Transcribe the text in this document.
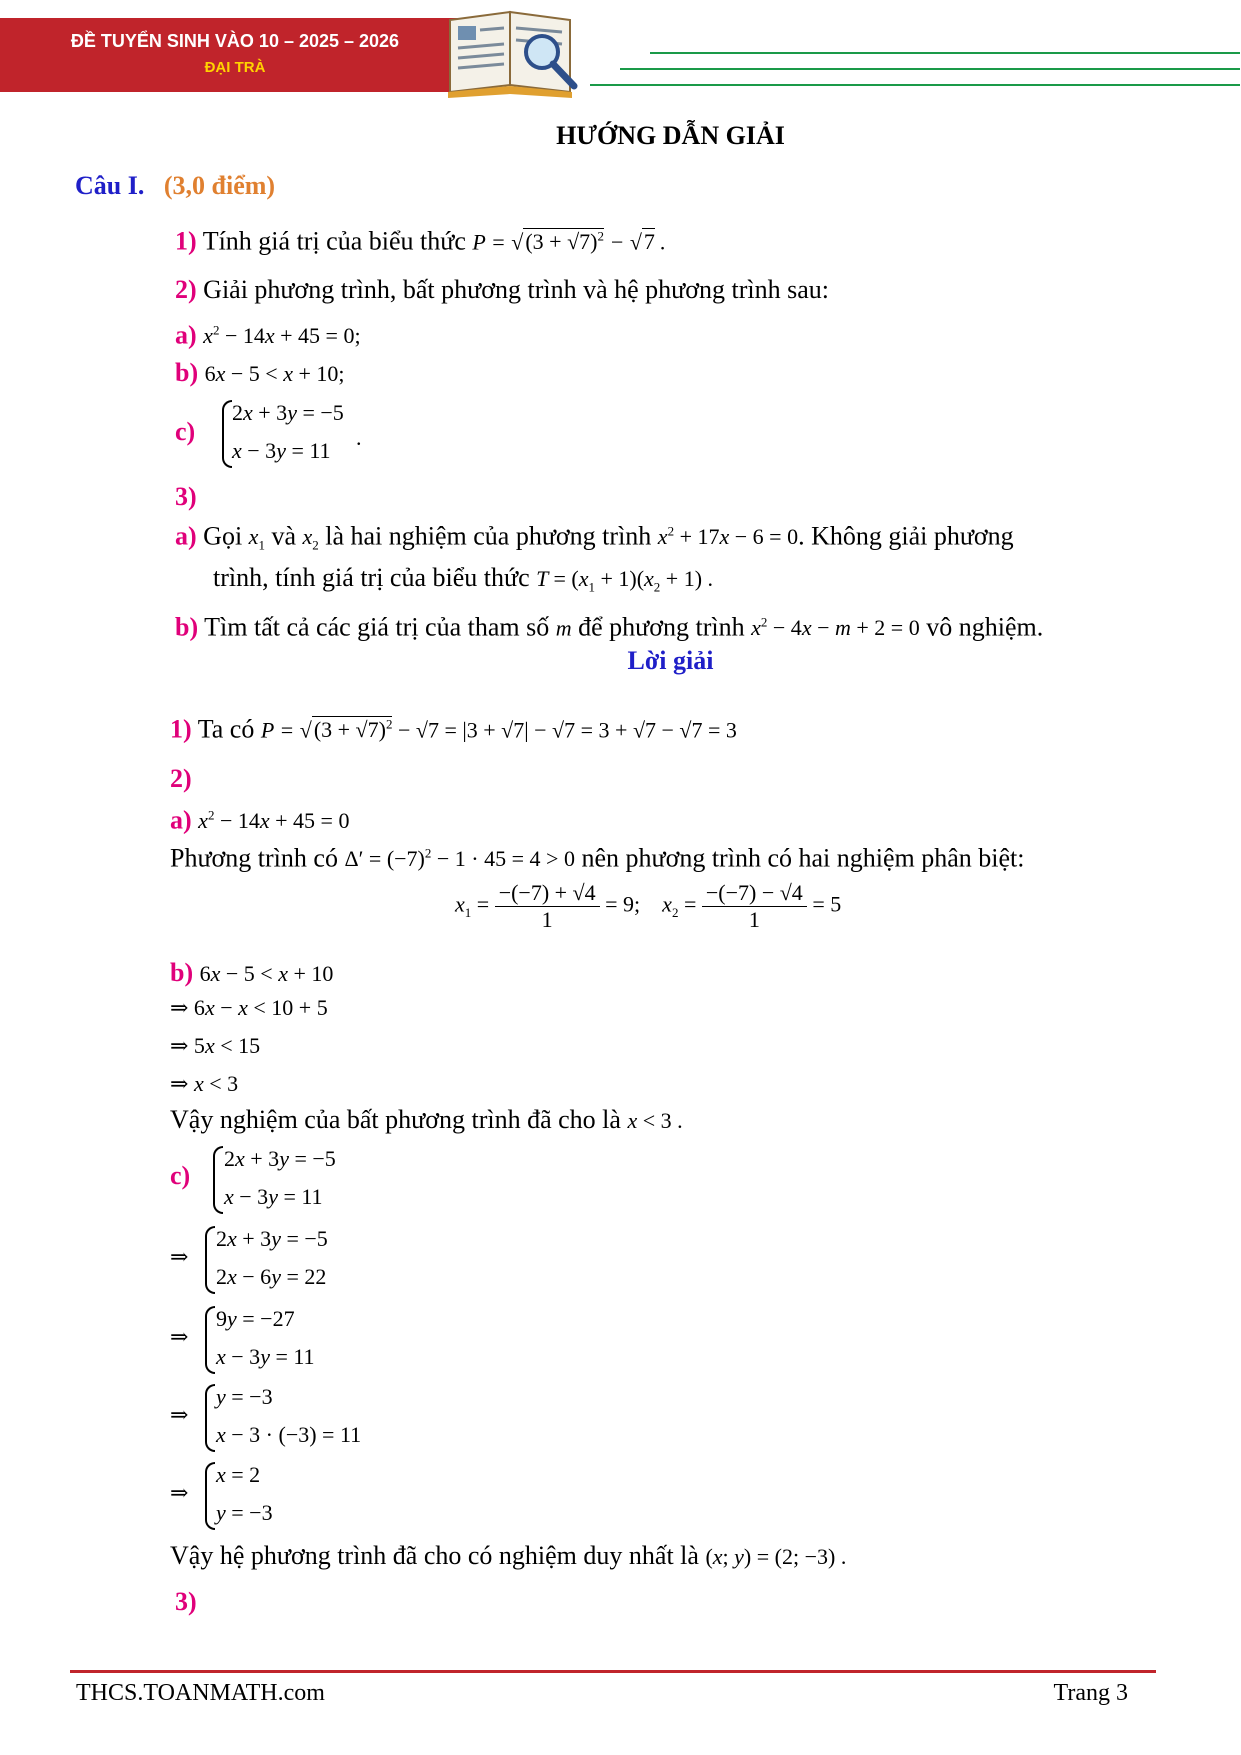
ĐỀ TUYỂN SINH VÀO 10 – 2025 – 2026
ĐẠI TRÀ
HƯỚNG DẪN GIẢI
Câu I. (3,0 điểm)
1) Tính giá trị của biểu thức $P = √(3 + √7)^2 - √7$ .
2) Giải phương trình, bất phương trình và hệ phương trình sau:
a) $x^2 - 14x + 45 = 0$;
b) 6x − 5 < x + 10;
c)
2x + 3y = −5
x − 3y = 11
.
3)
a) Gọi $x_1$ và $x_2$ là hai nghiệm của phương trình $x^2 + 17x - 6 = 0$. Không giải phương
trình, tính giá trị của biểu thức $T = (x_1 + 1)(x_2 + 1)$ .
b) Tìm tất cả các giá trị của tham số m để phương trình $x^2 - 4x - m + 2 = 0$ vô nghiệm.
Lời giải
1) Ta có $P = √(3 + √7)^2 - √7 = |3 + √7| - √7 = 3 + √7 - √7 = 3$
2)
a) $x^2 - 14x + 45 = 0$
Phương trình có $\Delta' = (-7)^2 - 1 \cdot 45 = 4 > 0$ nên phương trình có hai nghiệm phân biệt:
$x_1 = \frac{-(-7) + √4}{1} = 9$;    $x_2 = \frac{-(-7) - √4}{1} = 5$
b) 6x − 5 < x + 10
⇒ 6x − x < 10 + 5
⇒ 5x < 15
⇒ x < 3
Vậy nghiệm của bất phương trình đã cho là x < 3 .
c)
2x + 3y = −5
x − 3y = 11
⇒
2x + 3y = −5
2x − 6y = 22
⇒
9y = −27
x − 3y = 11
⇒
y = −3
x − 3 · (−3) = 11
⇒
x = 2
y = −3
Vậy hệ phương trình đã cho có nghiệm duy nhất là (x; y) = (2; −3) .
3)
THCS.TOANMATH.com	Trang 3
